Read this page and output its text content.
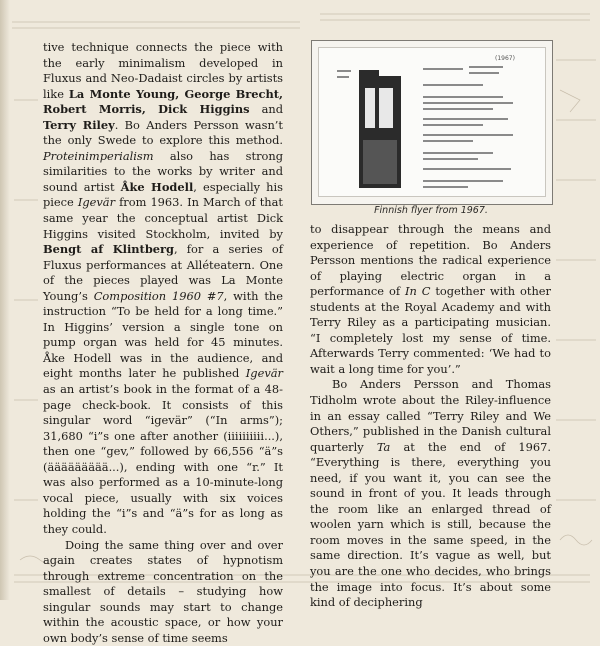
tive technique connects the piece with the early minimalism developed in Fluxus and Neo-Dadaist circles by artists like La Monte Young, George Brecht, Robert Morris, Dick Higgins and Terry Riley. Bo Anders Persson wasn’t the only Swede to explore this method. Proteinimperialism also has strong similarities to the works by writer and sound artist Åke Hodell, especially his piece Igevär from 1963. In March of that same year the conceptual artist Dick Higgins visited Stockholm, invited by Bengt af Klintberg, for a series of Fluxus performances at Alléteatern. One of the pieces played was La Monte Young’s Composition 1960 #7, with the instruction “To be held for a long time.” In Higgins’ version a single tone on pump organ was held for 45 minutes. Åke Hodell was in the audience, and eight months later he published Igevär as an artist’s book in the format of a 48-page check-book. It consists of this singular word “igevär” (“In arms”); 31,680 “i”s one after another (iiiiiiiiii...), then one “gev,” followed by 66,556 “ä”s (äääääääää...), ending with one “r.” It was also performed as a 10-minute-long vocal piece, usually with six voices holding the “i”s and “ä”s for as long as they could.

Doing the same thing over and over again creates states of hypnotism through extreme concentration on the smallest of details – studying how singular sounds may start to change within the acoustic space, or how your own body’s sense of time seems

(1967)
Finnish flyer from 1967.

to disappear through the means and experience of repetition. Bo Anders Persson mentions the radical experience of playing electric organ in a performance of In C together with other students at the Royal Academy and with Terry Riley as a participating musician. “I completely lost my sense of time. Afterwards Terry commented: ‘We had to wait a long time for you’.”

Bo Anders Persson and Thomas Tidholm wrote about the Riley-influence in an essay called “Terry Riley and We Others,” published in the Danish cultural quarterly Ta at the end of 1967. “Everything is there, everything you need, if you want it, you can see the sound in front of you. It leads through the room like an enlarged thread of woolen yarn which is still, because the room moves in the same speed, in the same direction. It’s vague as well, but you are the one who decides, who brings the image into focus. It’s about some kind of deciphering
